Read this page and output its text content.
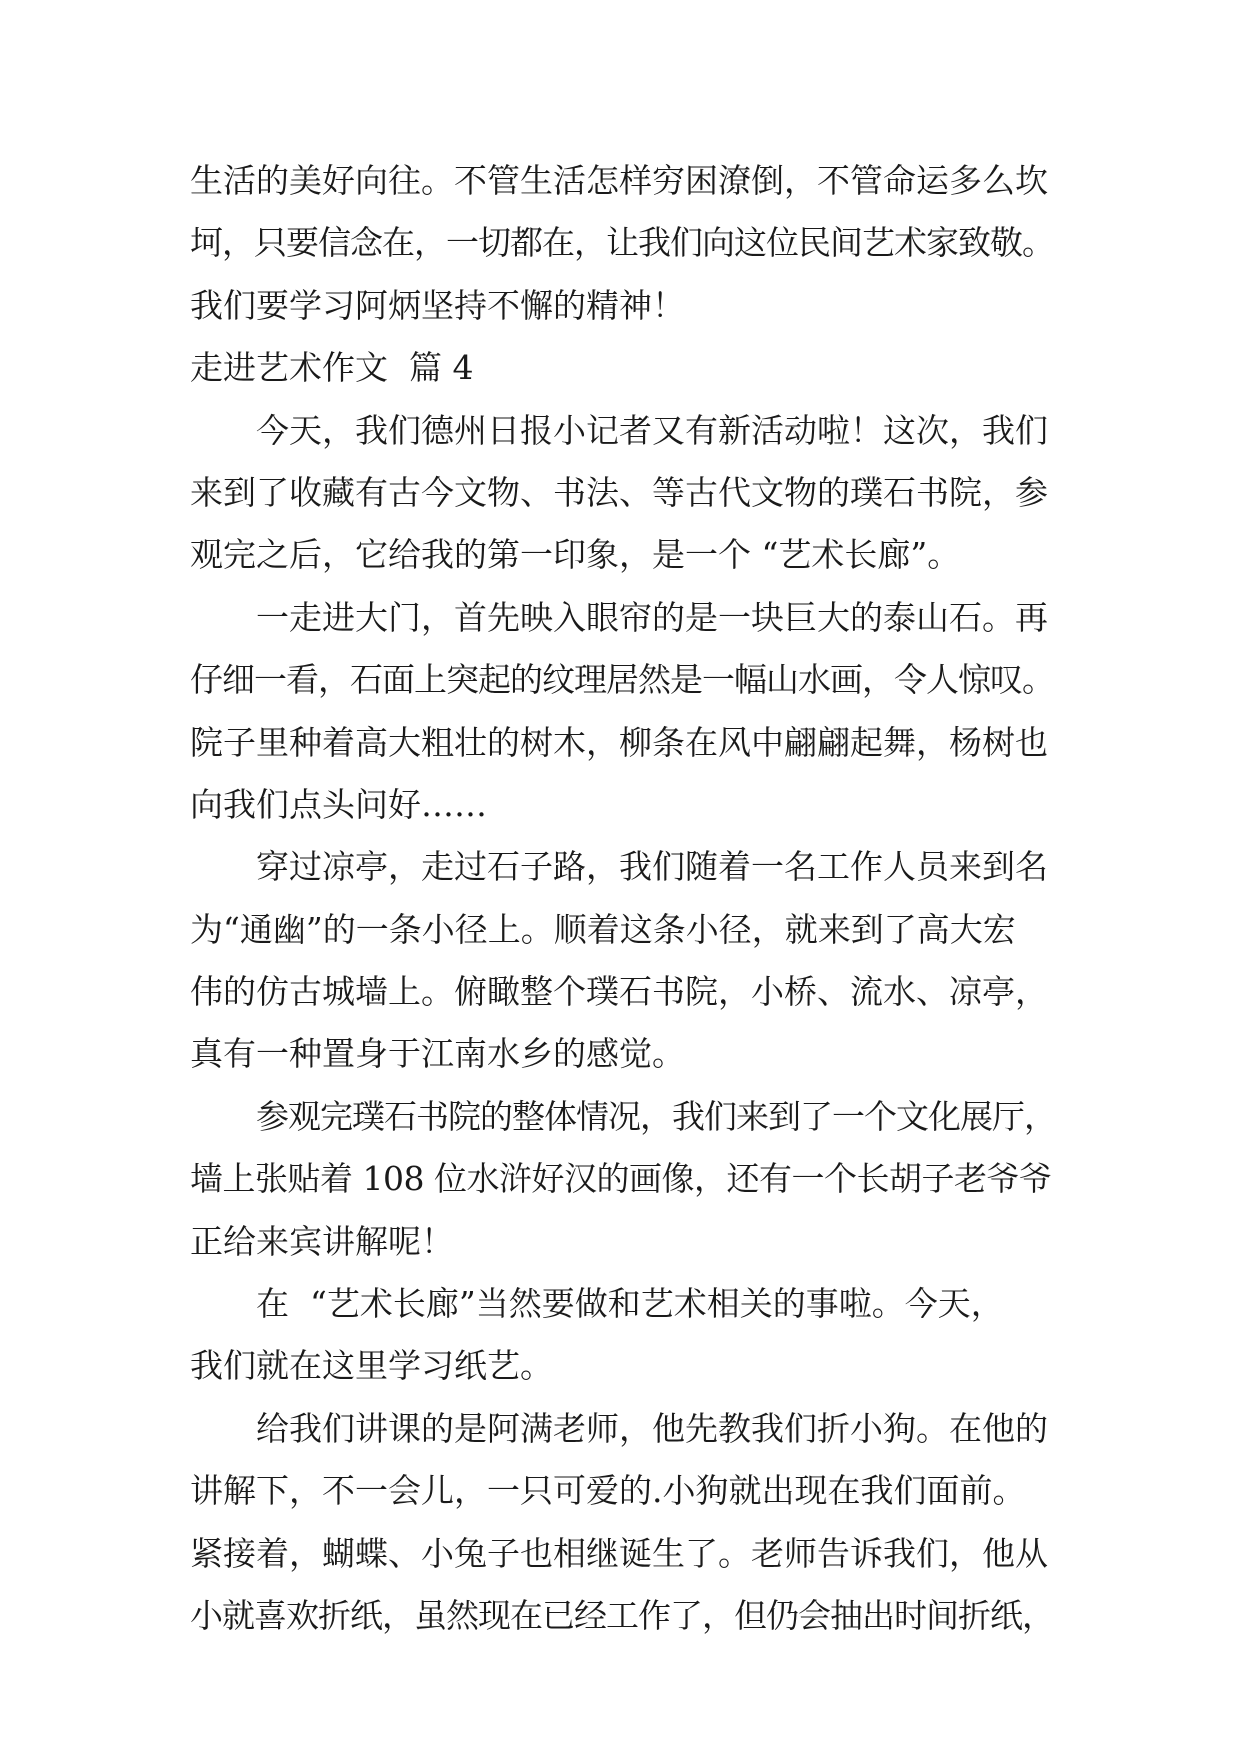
生活的美好向往。不管生活怎样穷困潦倒，不管命运多么坎
坷，只要信念在，一切都在，让我们向这位民间艺术家致敬。
我们要学习阿炳坚持不懈的精神！
走进艺术作文  篇 4
今天，我们德州日报小记者又有新活动啦！这次，我们
来到了收藏有古今文物、书法、等古代文物的璞石书院，参
观完之后，它给我的第一印象，是一个 “艺术长廊”。
一走进大门，首先映入眼帘的是一块巨大的泰山石。再
仔细一看，石面上突起的纹理居然是一幅山水画，令人惊叹。
院子里种着高大粗壮的树木，柳条在风中翩翩起舞，杨树也
向我们点头问好……
穿过凉亭，走过石子路，我们随着一名工作人员来到名
为“通幽”的一条小径上。顺着这条小径，就来到了高大宏
伟的仿古城墙上。俯瞰整个璞石书院，小桥、流水、凉亭，
真有一种置身于江南水乡的感觉。
参观完璞石书院的整体情况，我们来到了一个文化展厅，
墙上张贴着 108 位水浒好汉的画像，还有一个长胡子老爷爷
正给来宾讲解呢！
在  “艺术长廊”当然要做和艺术相关的事啦。今天，
我们就在这里学习纸艺。
给我们讲课的是阿满老师，他先教我们折小狗。在他的
讲解下，不一会儿，一只可爱的.小狗就出现在我们面前。
紧接着，蝴蝶、小兔子也相继诞生了。老师告诉我们，他从
小就喜欢折纸，虽然现在已经工作了，但仍会抽出时间折纸，
